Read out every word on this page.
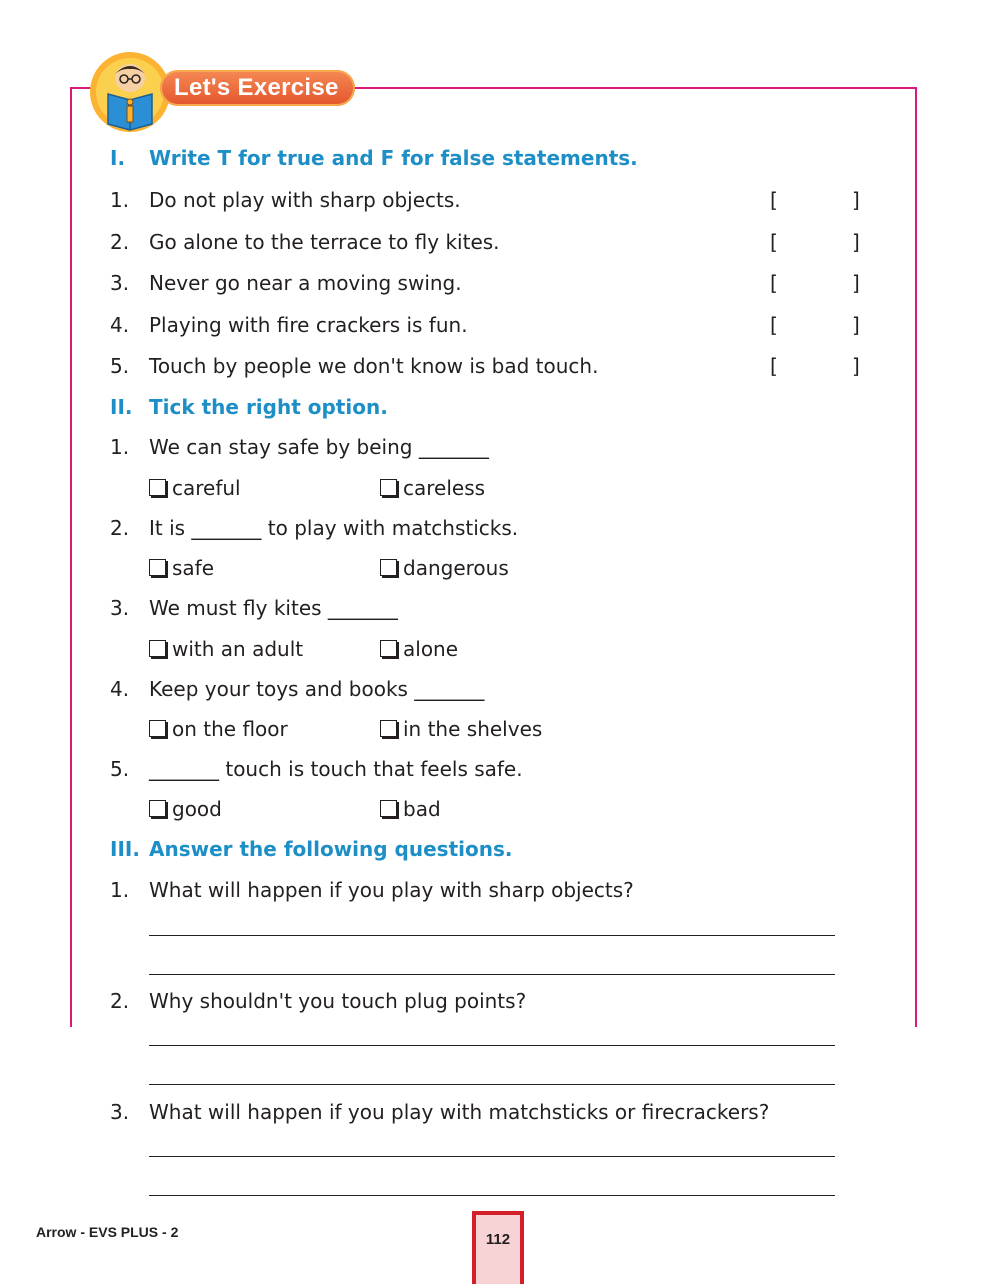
Let's Exercise
I. Write T for true and F for false statements.
1. Do not play with sharp objects.	[	]
2. Go alone to the terrace to fly kites.	[	]
3. Never go near a moving swing.	[	]
4. Playing with fire crackers is fun.	[	]
5. Touch by people we don't know is bad touch.	[	]
II. Tick the right option.
1. We can stay safe by being _______
careful	careless
2. It is _______ to play with matchsticks.
safe	dangerous
3. We must fly kites _______
with an adult	alone
4. Keep your toys and books _______
on the floor	in the shelves
5. _______ touch is touch that feels safe.
good	bad
III. Answer the following questions.
1. What will happen if you play with sharp objects?
2. Why shouldn't you touch plug points?
3. What will happen if you play with matchsticks or firecrackers?
Arrow - EVS PLUS - 2	112
